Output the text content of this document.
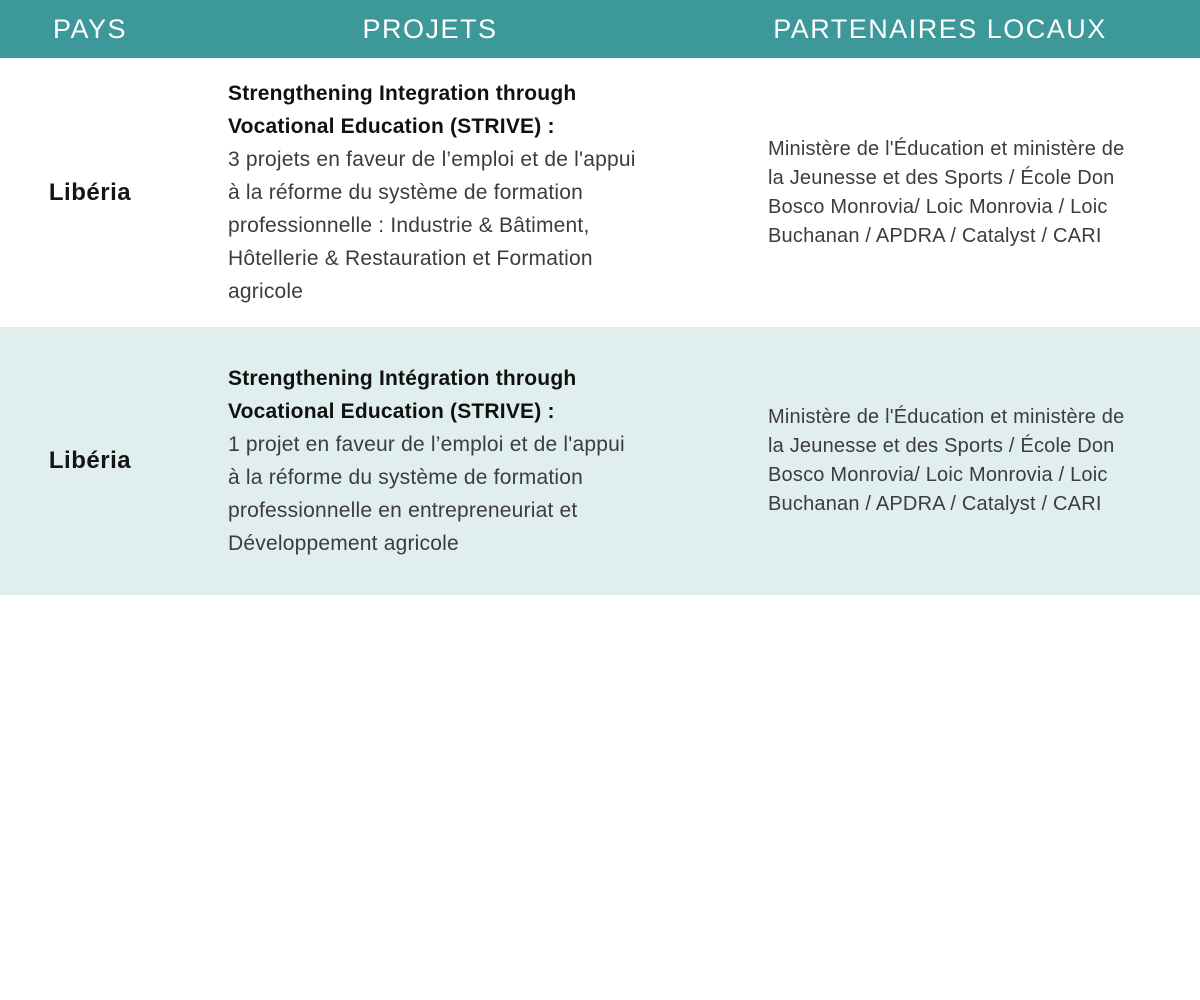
PAYS	PROJETS	PARTENAIRES LOCAUX
Libéria
Strengthening Integration through
Vocational Education (STRIVE) :
3 projets en faveur de l’emploi et de l'appui
à la réforme du système de formation
professionnelle : Industrie & Bâtiment,
Hôtellerie & Restauration et Formation
agricole
Ministère de l'Éducation et ministère de
la Jeunesse et des Sports / École Don
Bosco Monrovia/ Loic Monrovia / Loic
Buchanan / APDRA / Catalyst / CARI
Libéria
Strengthening Intégration through
Vocational Education (STRIVE) :
1 projet en faveur de l’emploi et de l'appui
à la réforme du système de formation
professionnelle en entrepreneuriat et
Développement agricole
Ministère de l'Éducation et ministère de
la Jeunesse et des Sports / École Don
Bosco Monrovia/ Loic Monrovia / Loic
Buchanan / APDRA / Catalyst / CARI
